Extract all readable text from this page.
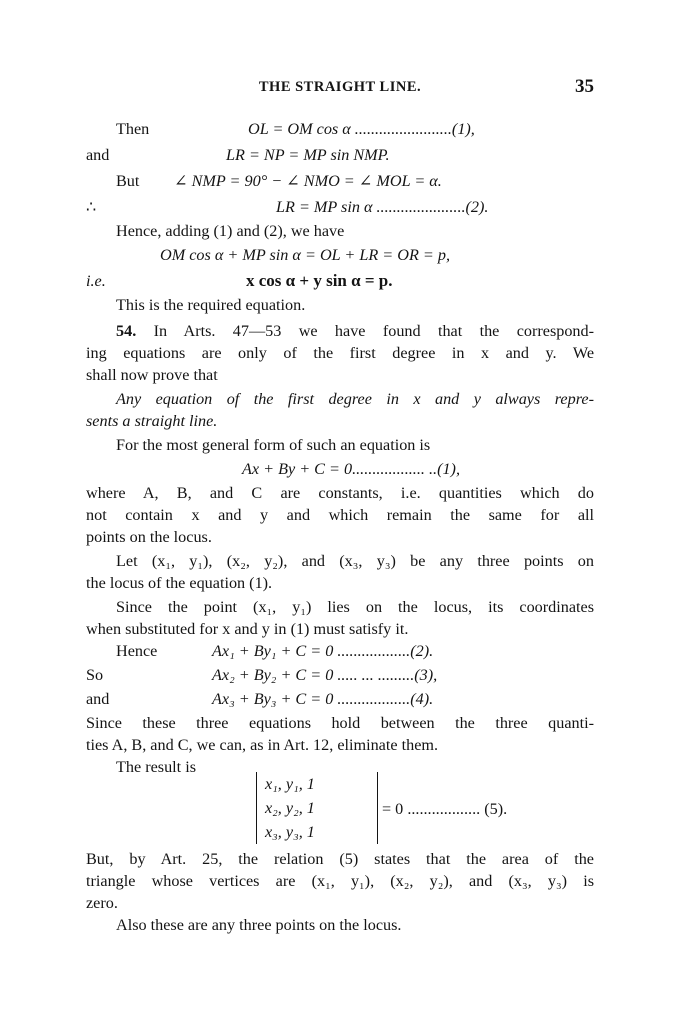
THE STRAIGHT LINE.	35
Then	OL = OM cos α ........................(1),
and	LR = NP = MP sin NMP.
But ∠ NMP = 90° − ∠ NMO = ∠ MOL = α.
∴	LR = MP sin α ......................(2).
Hence, adding (1) and (2), we have
OM cos α + MP sin α = OL + LR = OR = p,
i.e.	x cos α + y sin α = p.
This is the required equation.
54. In Arts. 47—53 we have found that the correspond-
ing equations are only of the first degree in x and y. We
shall now prove that
Any equation of the first degree in x and y always repre-
sents a straight line.
For the most general form of such an equation is
Ax + By + C = 0.................. ..(1),
where A, B, and C are constants, i.e. quantities which do
not contain x and y and which remain the same for all
points on the locus.
Let (x₁, y₁), (x₂, y₂), and (x₃, y₃) be any three points on
the locus of the equation (1).
Since the point (x₁, y₁) lies on the locus, its coordinates
when substituted for x and y in (1) must satisfy it.
Hence	Ax₁ + By₁ + C = 0 ..................(2).
So	Ax₂ + By₂ + C = 0 ..... ... .........(3),
and	Ax₃ + By₃ + C = 0 ..................(4).
Since these three equations hold between the three quanti-
ties A, B, and C, we can, as in Art. 12, eliminate them.
The result is
x₁, y₁, 1
x₂, y₂, 1
x₃, y₃, 1
= 0 .................. (5).
But, by Art. 25, the relation (5) states that the area of the
triangle whose vertices are (x₁, y₁), (x₂, y₂), and (x₃, y₃) is
zero.
Also these are any three points on the locus.
